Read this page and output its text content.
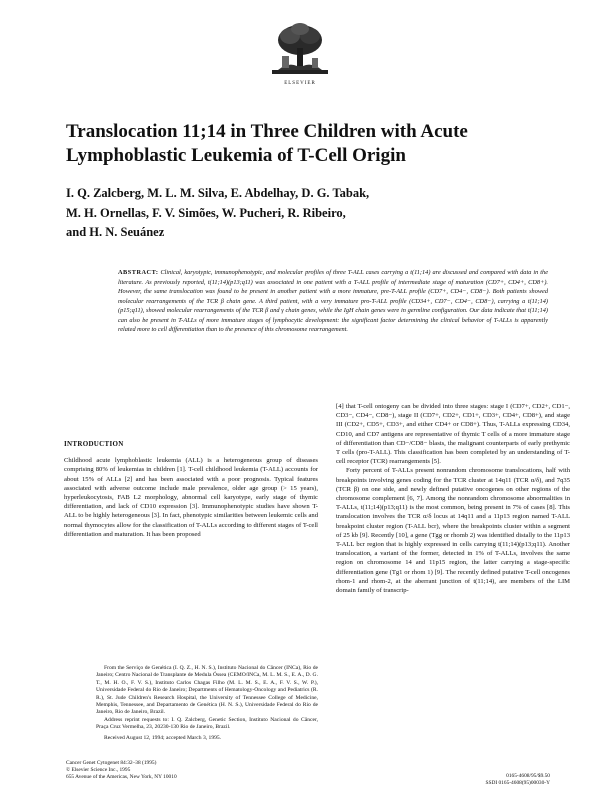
ELSEVIER
Translocation 11;14 in Three Children with Acute
Lymphoblastic Leukemia of T-Cell Origin
I. Q. Zalcberg, M. L. M. Silva, E. Abdelhay, D. G. Tabak,
M. H. Ornellas, F. V. Simões, W. Pucheri, R. Ribeiro,
and H. N. Seuánez

ABSTRACT: Clinical, karyotypic, immunophenotypic, and molecular profiles of three T-ALL cases carrying a t(11;14) are discussed and compared with data in the literature. As previously reported, t(11;14)(p13;q11) was associated in one patient with a T-ALL profile of intermediate stage of maturation (CD7+, CD4+, CD8+). However, the same translocation was found to be present in another patient with a more immature, pre-T-ALL profile (CD7+, CD4−, CD8−). Both patients showed molecular rearrangements of the TCR β chain gene. A third patient, with a very immature pro-T-ALL profile (CD34+, CD7−, CD4−, CD8−), carrying a t(11;14)(p15;q11), showed molecular rearrangements of the TCR β and γ chain genes, while the IgH chain genes were in germline configuration. Our data indicate that t(11;14) can also be present in T-ALLs of more immature stages of lymphocytic development: the significant factor determining the clinical behavior of T-ALLs is apparently related more to cell differentiation than to the presence of this chromosome rearrangement.

INTRODUCTION

Childhood acute lymphoblastic leukemia (ALL) is a heterogeneous group of diseases comprising 80% of leukemias in children [1]. T-cell childhood leukemia (T-ALL) accounts for about 15% of ALLs [2] and has been associated with a poor prognosis. Typical features associated with adverse outcome include male prevalence, older age group (> 15 years), hyperleukocytosis, FAB L2 morphology, abnormal cell karyotype, early stage of thymic differentiation, and lack of CD10 expression [3]. Immunophenotypic studies have shown T-ALL to be highly heterogeneous [3]. In fact, phenotypic similarities between leukemic cells and normal thymocytes allow for the classification of T-ALLs according to different stages of T-cell differentiation and maturation. It has been proposed

From the Serviço de Genética (I. Q. Z., H. N. S.), Instituto Nacional do Câncer (INCa), Rio de Janeiro; Centro Nacional de Transplante de Medula Óssea (CEMO/INCa, M. L. M. S., E. A., D. G. T., M. H. O., F. V. S.), Instituto Carlos Chagas Filho (M. L. M. S., E. A., F. V. S., W. P.), Universidade Federal do Rio de Janeiro; Departments of Hematology-Oncology and Pediatrics (R. R.), St. Jude Children's Research Hospital, the University of Tennessee College of Medicine, Memphis, Tennessee, and Departamento de Genética (H. N. S.), Universidade Federal do Rio de Janeiro, Rio de Janeiro, Brazil.

Address reprint requests to: I. Q. Zalcberg, Genetic Section, Instituto Nacional do Câncer, Praça Cruz Vermelha, 23, 20230-130 Rio de Janeiro, Brazil.

Received August 12, 1994; accepted March 3, 1995.

[4] that T-cell ontogeny can be divided into three stages: stage I (CD7+, CD2+, CD1−, CD3−, CD4−, CD8−), stage II (CD7+, CD2+, CD1+, CD3+, CD4+, CD8+), and stage III (CD2+, CD5+, CD3+, and either CD4+ or CD8+). Thus, T-ALLs expressing CD34, CD10, and CD7 antigens are representative of thymic T cells of a more immature stage of differentiation than CD−/CD8− blasts, the malignant counterparts of early prethymic T cells (pro-T-ALL). This classification has been completed by an understanding of T-cell receptor (TCR) rearrangements [5].

Forty percent of T-ALLs present nonrandom chromosome translocations, half with breakpoints involving genes coding for the TCR cluster at 14q11 (TCR α/δ), and 7q35 (TCR β) on one side, and newly defined putative oncogenes on other regions of the chromosome complement [6, 7]. Among the nonrandom chromosome abnormalities in T-ALLs, t(11;14)(p13;q11) is the most common, being present in 7% of cases [8]. This translocation involves the TCR α/δ locus at 14q11 and a 11p13 region named T-ALL breakpoint cluster region (T-ALL bcr), where the breakpoints cluster within a segment of 25 kb [9]. Recently [10], a gene (Tgg or rhomb 2) was identified distally to the 11p13 T-ALL bcr region that is highly expressed in cells carrying t(11;14)(p13;q11). Another translocation, a variant of the former, detected in 1% of T-ALLs, involves the same region on chromosome 14 and 11p15 region, the latter carrying a stage-specific differentiation gene (Tg1 or rhom 1) [9]. The recently defined putative T-cell oncogenes rhom-1 and rhom-2, at the aberrant junction of t(11;14), are members of the LIM domain family of transcrip-

Cancer Genet Cytogenet 84:32–38 (1995)
© Elsevier Science Inc., 1995
655 Avenue of the Americas, New York, NY 10010	0165-4608/95/$9.50
SSDI 0165-4608(95)00030-Y
